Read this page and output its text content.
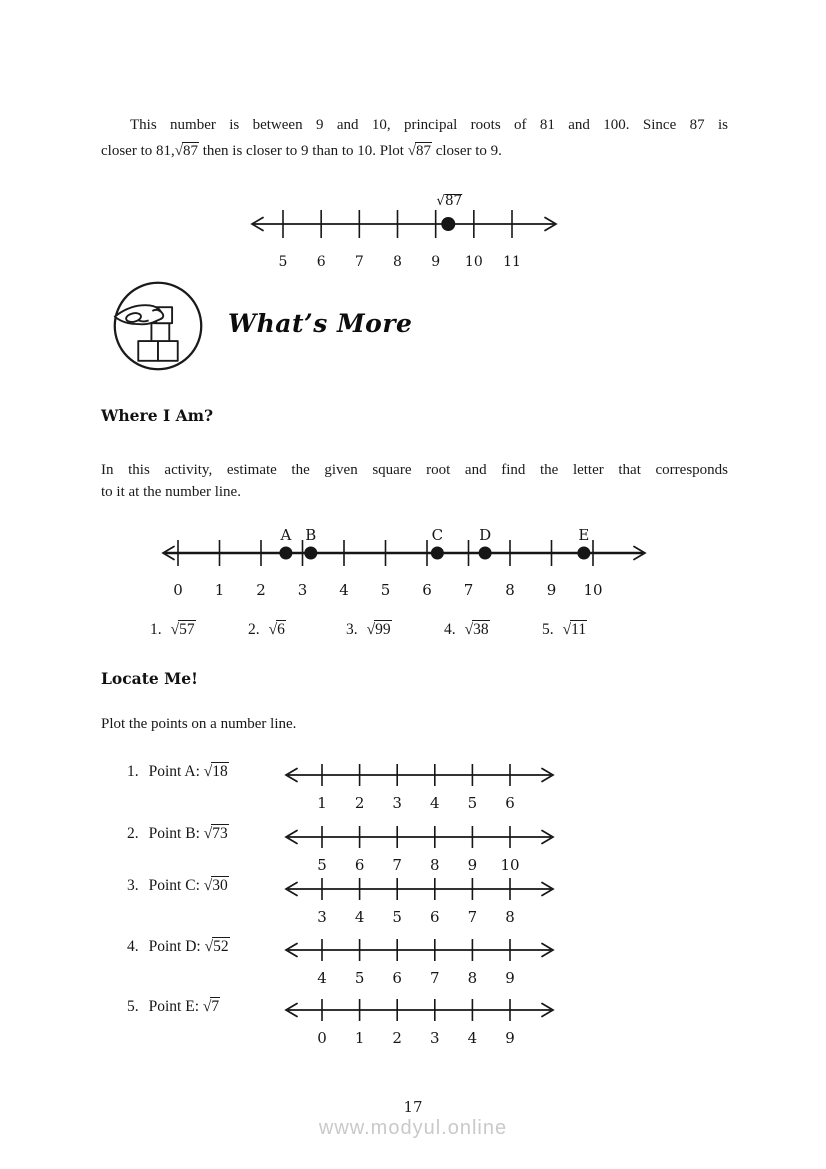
This number is between 9 and 10, principal roots of 81 and 100. Since 87 is
closer to 81,√87 then is closer to 9 than to 10. Plot √87 closer to 9.
5 6 7 8 9 10 11
√87
What’s More
Where I Am?
In this activity, estimate the given square root and find the letter that corresponds
to it at the number line.
0 1 2 3 4 5 6 7 8 9 10
A B	C D	E
1. √57	2. √6	3. √99	4. √38	5. √11
Locate Me!
Plot the points on a number line.
1. Point A: √18
1 2 3 4 5 6
2. Point B: √73
5 6 7 8 9 10
3. Point C: √30
3 4 5 6 7 8
4. Point D: √52
4 5 6 7 8 9
5. Point E: √7
0 1 2 3 4 9
17
www.modyul.online
